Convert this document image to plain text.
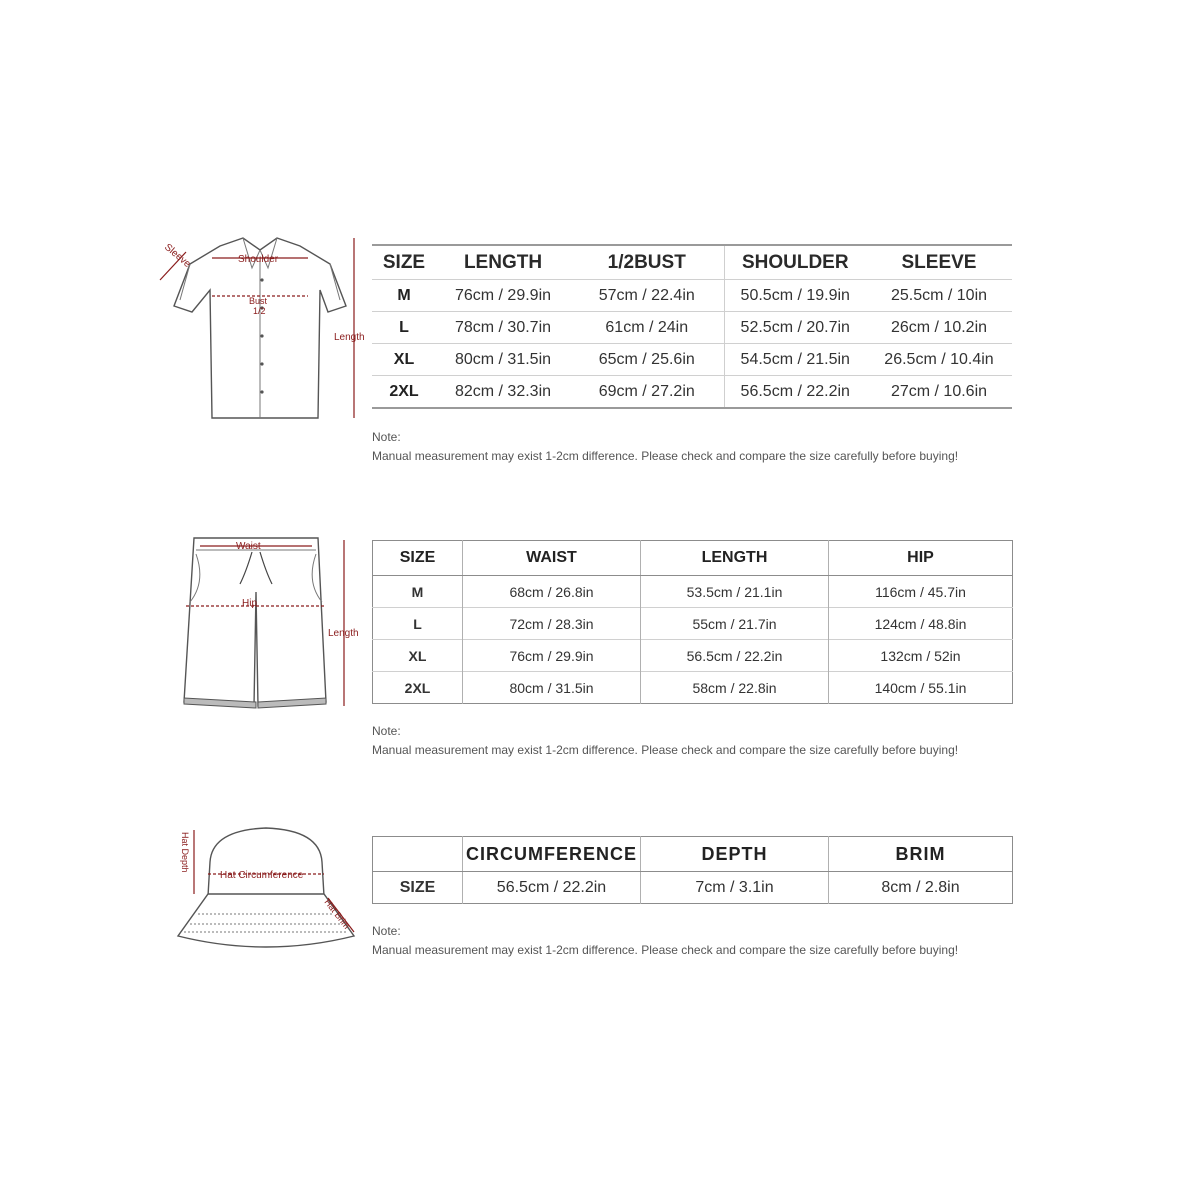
Shoulder
Bust
1/2
Sleeve
Length
SIZE	LENGTH	1/2BUST	SHOULDER	SLEEVE
M	76cm / 29.9in	57cm / 22.4in	50.5cm / 19.9in	25.5cm / 10in
L	78cm / 30.7in	61cm / 24in	52.5cm / 20.7in	26cm / 10.2in
XL	80cm / 31.5in	65cm / 25.6in	54.5cm / 21.5in	26.5cm / 10.4in
2XL	82cm / 32.3in	69cm / 27.2in	56.5cm / 22.2in	27cm / 10.6in
Note:
Manual measurement may exist 1-2cm difference. Please check and compare the size carefully before buying!
Waist
Hip
Length
SIZE	WAIST	LENGTH	HIP
M	68cm / 26.8in	53.5cm / 21.1in	116cm / 45.7in
L	72cm / 28.3in	55cm / 21.7in	124cm / 48.8in
XL	76cm / 29.9in	56.5cm / 22.2in	132cm / 52in
2XL	80cm / 31.5in	58cm / 22.8in	140cm / 55.1in
Note:
Manual measurement may exist 1-2cm difference. Please check and compare the size carefully before buying!
Hat Circumference
Hat Depth
Hat Brim
	CIRCUMFERENCE	DEPTH	BRIM
SIZE	56.5cm / 22.2in	7cm / 3.1in	8cm / 2.8in
Note:
Manual measurement may exist 1-2cm difference. Please check and compare the size carefully before buying!
